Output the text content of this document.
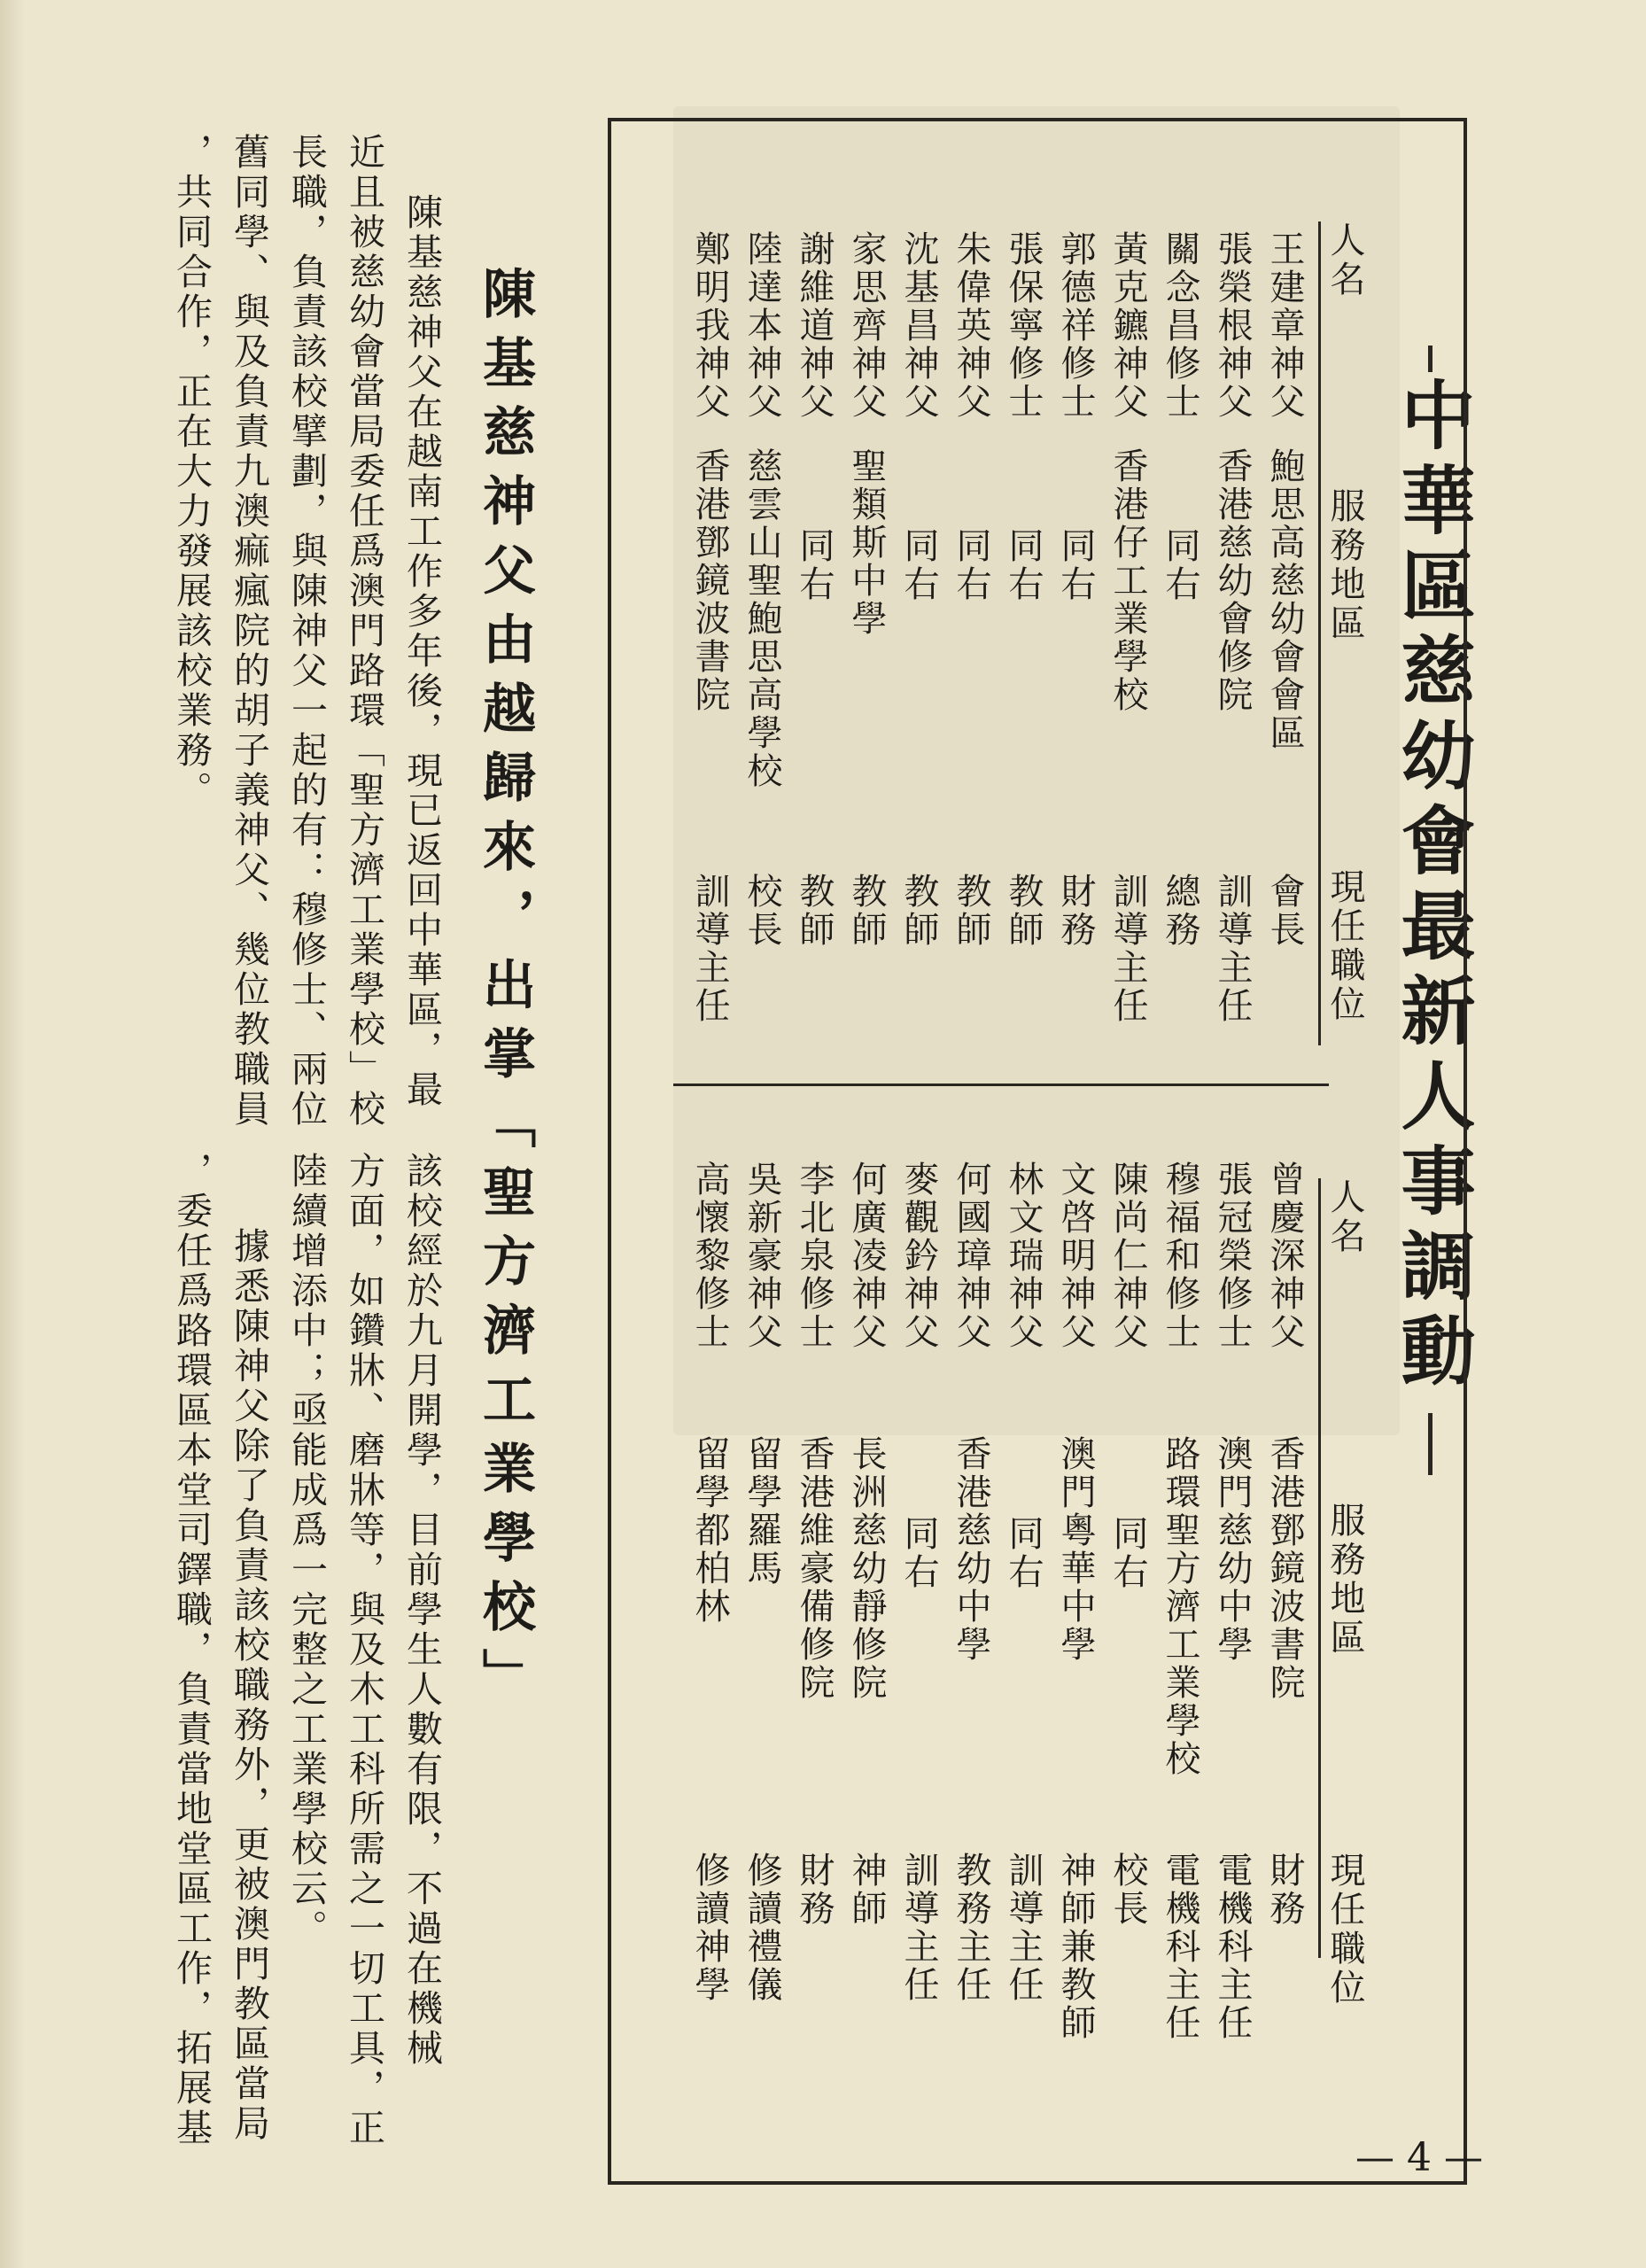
中華區慈幼會最新人事調動
人名
服務地區
現任職位
人名
服務地區
現任職位
王建章神父
鮑思高慈幼會會區
會長
張榮根神父
香港慈幼會修院
訓導主任
關念昌修士
同右
總務
黃克鑣神父
香港仔工業學校
訓導主任
郭德祥修士
同右
財務
張保寧修士
同右
教師
朱偉英神父
同右
教師
沈基昌神父
同右
教師
家思齊神父
聖類斯中學
教師
謝維道神父
同右
教師
陸達本神父
慈雲山聖鮑思高學校
校長
鄭明我神父
香港鄧鏡波書院
訓導主任
曾慶深神父
香港鄧鏡波書院
財務
張冠榮修士
澳門慈幼中學
電機科主任
穆福和修士
路環聖方濟工業學校
電機科主任
陳尚仁神父
同右
校長
文啓明神父
澳門粵華中學
神師兼教師
林文瑞神父
同右
訓導主任
何國璋神父
香港慈幼中學
教務主任
麥觀鈐神父
同右
訓導主任
何廣凌神父
長洲慈幼靜修院
神師
李北泉修士
香港維豪備修院
財務
吳新豪神父
留學羅馬
修讀禮儀
高懷黎修士
留學都柏林
修讀神學
陳基慈神父由越歸來，出掌「聖方濟工業學校」
陳基慈神父在越南工作多年後，現已返回中華區，最
近且被慈幼會當局委任爲澳門路環「聖方濟工業學校」校
長職，負責該校擘劃，與陳神父一起的有：穆修士、兩位
舊同學、與及負責九澳痲瘋院的胡子義神父、幾位教職員
，共同合作，正在大力發展該校業務。
該校經於九月開學，目前學生人數有限，不過在機械
方面，如鑽牀、磨牀等，與及木工科所需之一切工具，正
陸續增添中；亟能成爲一完整之工業學校云。
據悉陳神父除了負責該校職務外，更被澳門教區當局
，委任爲路環區本堂司鐸職，負責當地堂區工作，拓展基
— 4 —
